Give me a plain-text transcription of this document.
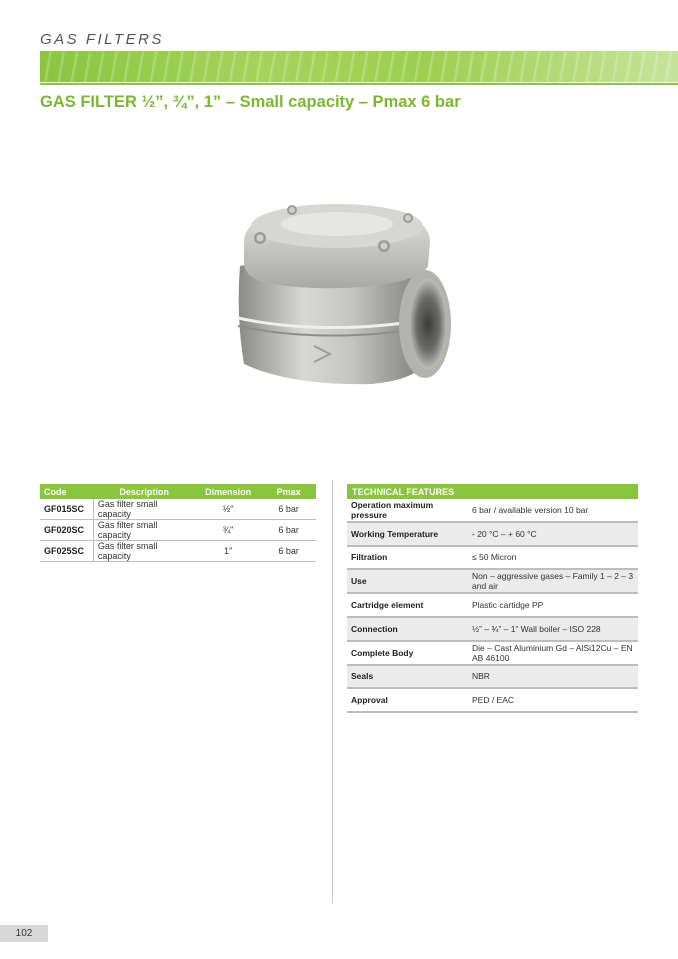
GAS FILTERS
GAS FILTER ½”, ¾”, 1” – Small capacity – Pmax 6 bar
Code	Description	Dimension	Pmax
GF015SC	Gas filter small capacity	½"	6 bar
GF020SC	Gas filter small capacity	¾"	6 bar
GF025SC	Gas filter small capacity	1"	6 bar
TECHNICAL FEATURES	
Operation maximum pressure	6 bar / available version 10 bar
Working Temperature	- 20 °C – + 60 °C
Filtration	≤ 50 Micron
Use	Non – aggressive gases – Family 1 – 2 – 3 and air
Cartridge element	Plastic cartidge PP
Connection	½” – ¾” – 1” Wall boiler – ISO 228
Complete Body	Die – Cast Aluminium Gd – AlSi12Cu – EN AB 46100
Seals	NBR
Approval	PED / EAC
102
